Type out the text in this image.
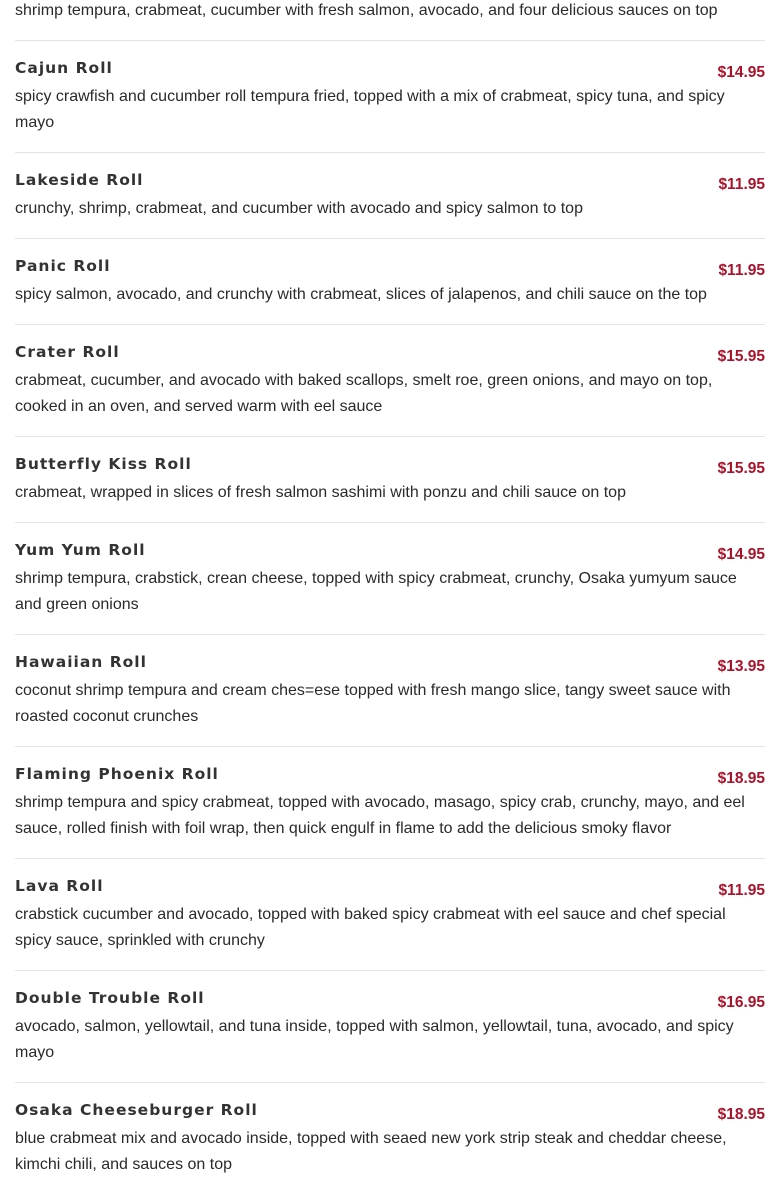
shrimp tempura, crabmeat, cucumber with fresh salmon, avocado, and four delicious sauces on top
Cajun Roll	$14.95
spicy crawfish and cucumber roll tempura fried, topped with a mix of crabmeat, spicy tuna, and spicy mayo
Lakeside Roll	$11.95
crunchy, shrimp, crabmeat, and cucumber with avocado and spicy salmon to top
Panic Roll	$11.95
spicy salmon, avocado, and crunchy with crabmeat, slices of jalapenos, and chili sauce on the top
Crater Roll	$15.95
crabmeat, cucumber, and avocado with baked scallops, smelt roe, green onions, and mayo on top, cooked in an oven, and served warm with eel sauce
Butterfly Kiss Roll	$15.95
crabmeat, wrapped in slices of fresh salmon sashimi with ponzu and chili sauce on top
Yum Yum Roll	$14.95
shrimp tempura, crabstick, crean cheese, topped with spicy crabmeat, crunchy, Osaka yumyum sauce and green onions
Hawaiian Roll	$13.95
coconut shrimp tempura and cream ches=ese topped with fresh mango slice, tangy sweet sauce with roasted coconut crunches
Flaming Phoenix Roll	$18.95
shrimp tempura and spicy crabmeat, topped with avocado, masago, spicy crab, crunchy, mayo, and eel sauce, rolled finish with foil wrap, then quick engulf in flame to add the delicious smoky flavor
Lava Roll	$11.95
crabstick cucumber and avocado, topped with baked spicy crabmeat with eel sauce and chef special spicy sauce, sprinkled with crunchy
Double Trouble Roll	$16.95
avocado, salmon, yellowtail, and tuna inside, topped with salmon, yellowtail, tuna, avocado, and spicy mayo
Osaka Cheeseburger Roll	$18.95
blue crabmeat mix and avocado inside, topped with seaed new york strip steak and cheddar cheese, kimchi chili, and sauces on top
